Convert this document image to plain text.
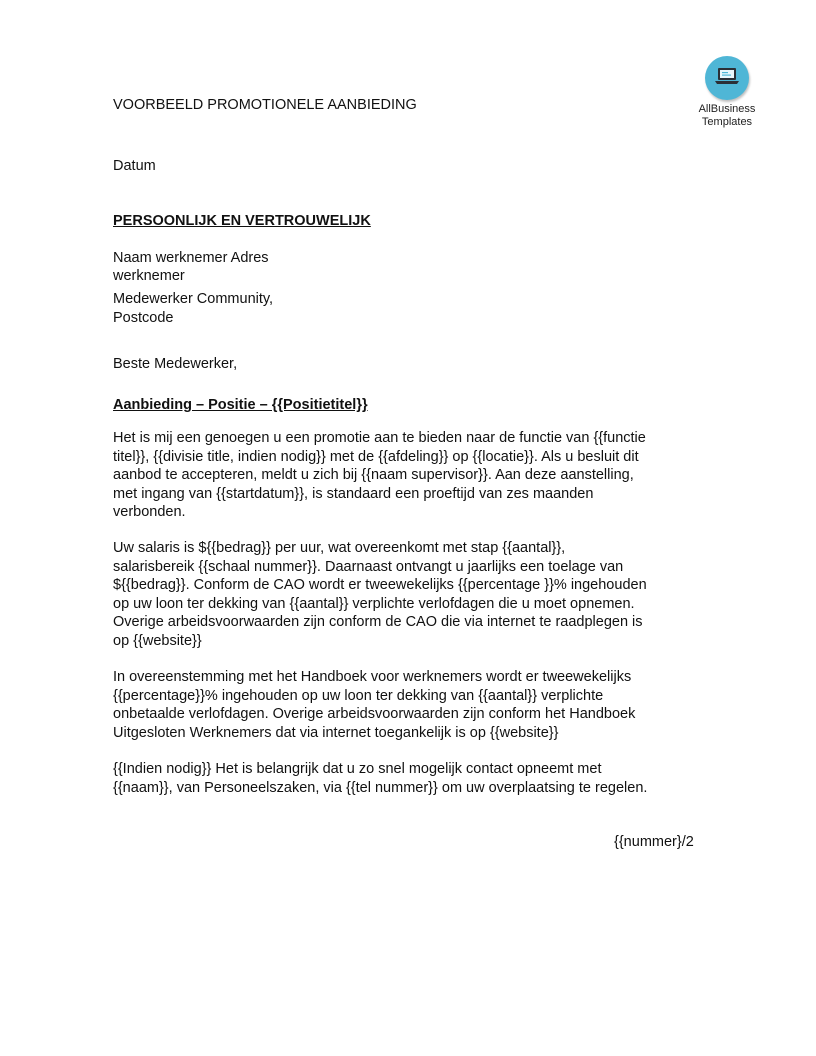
AllBusiness
Templates
VOORBEELD PROMOTIONELE AANBIEDING
Datum
PERSOONLIJK EN VERTROUWELIJK
Naam werknemer Adres
werknemer
Medewerker Community,
Postcode
Beste Medewerker,
Aanbieding – Positie – {{Positietitel}}
Het is mij een genoegen u een promotie aan te bieden naar de functie van {{functie
titel}}, {{divisie title, indien nodig}} met de {{afdeling}} op {{locatie}}. Als u besluit dit
aanbod te accepteren, meldt u zich bij {{naam supervisor}}. Aan deze aanstelling,
met ingang van {{startdatum}}, is standaard een proeftijd van zes maanden
verbonden.
Uw salaris is ${{bedrag}} per uur, wat overeenkomt met stap {{aantal}},
salarisbereik {{schaal nummer}}. Daarnaast ontvangt u jaarlijks een toelage van
${{bedrag}}. Conform de CAO wordt er tweewekelijks {{percentage }}% ingehouden
op uw loon ter dekking van {{aantal}} verplichte verlofdagen die u moet opnemen.
Overige arbeidsvoorwaarden zijn conform de CAO die via internet te raadplegen is
op {{website}}
In overeenstemming met het Handboek voor werknemers wordt er tweewekelijks
{{percentage}}% ingehouden op uw loon ter dekking van {{aantal}} verplichte
onbetaalde verlofdagen. Overige arbeidsvoorwaarden zijn conform het Handboek
Uitgesloten Werknemers dat via internet toegankelijk is op {{website}}
{{Indien nodig}} Het is belangrijk dat u zo snel mogelijk contact opneemt met
{{naam}}, van Personeelszaken, via {{tel nummer}} om uw overplaatsing te regelen.
{{nummer}/2
